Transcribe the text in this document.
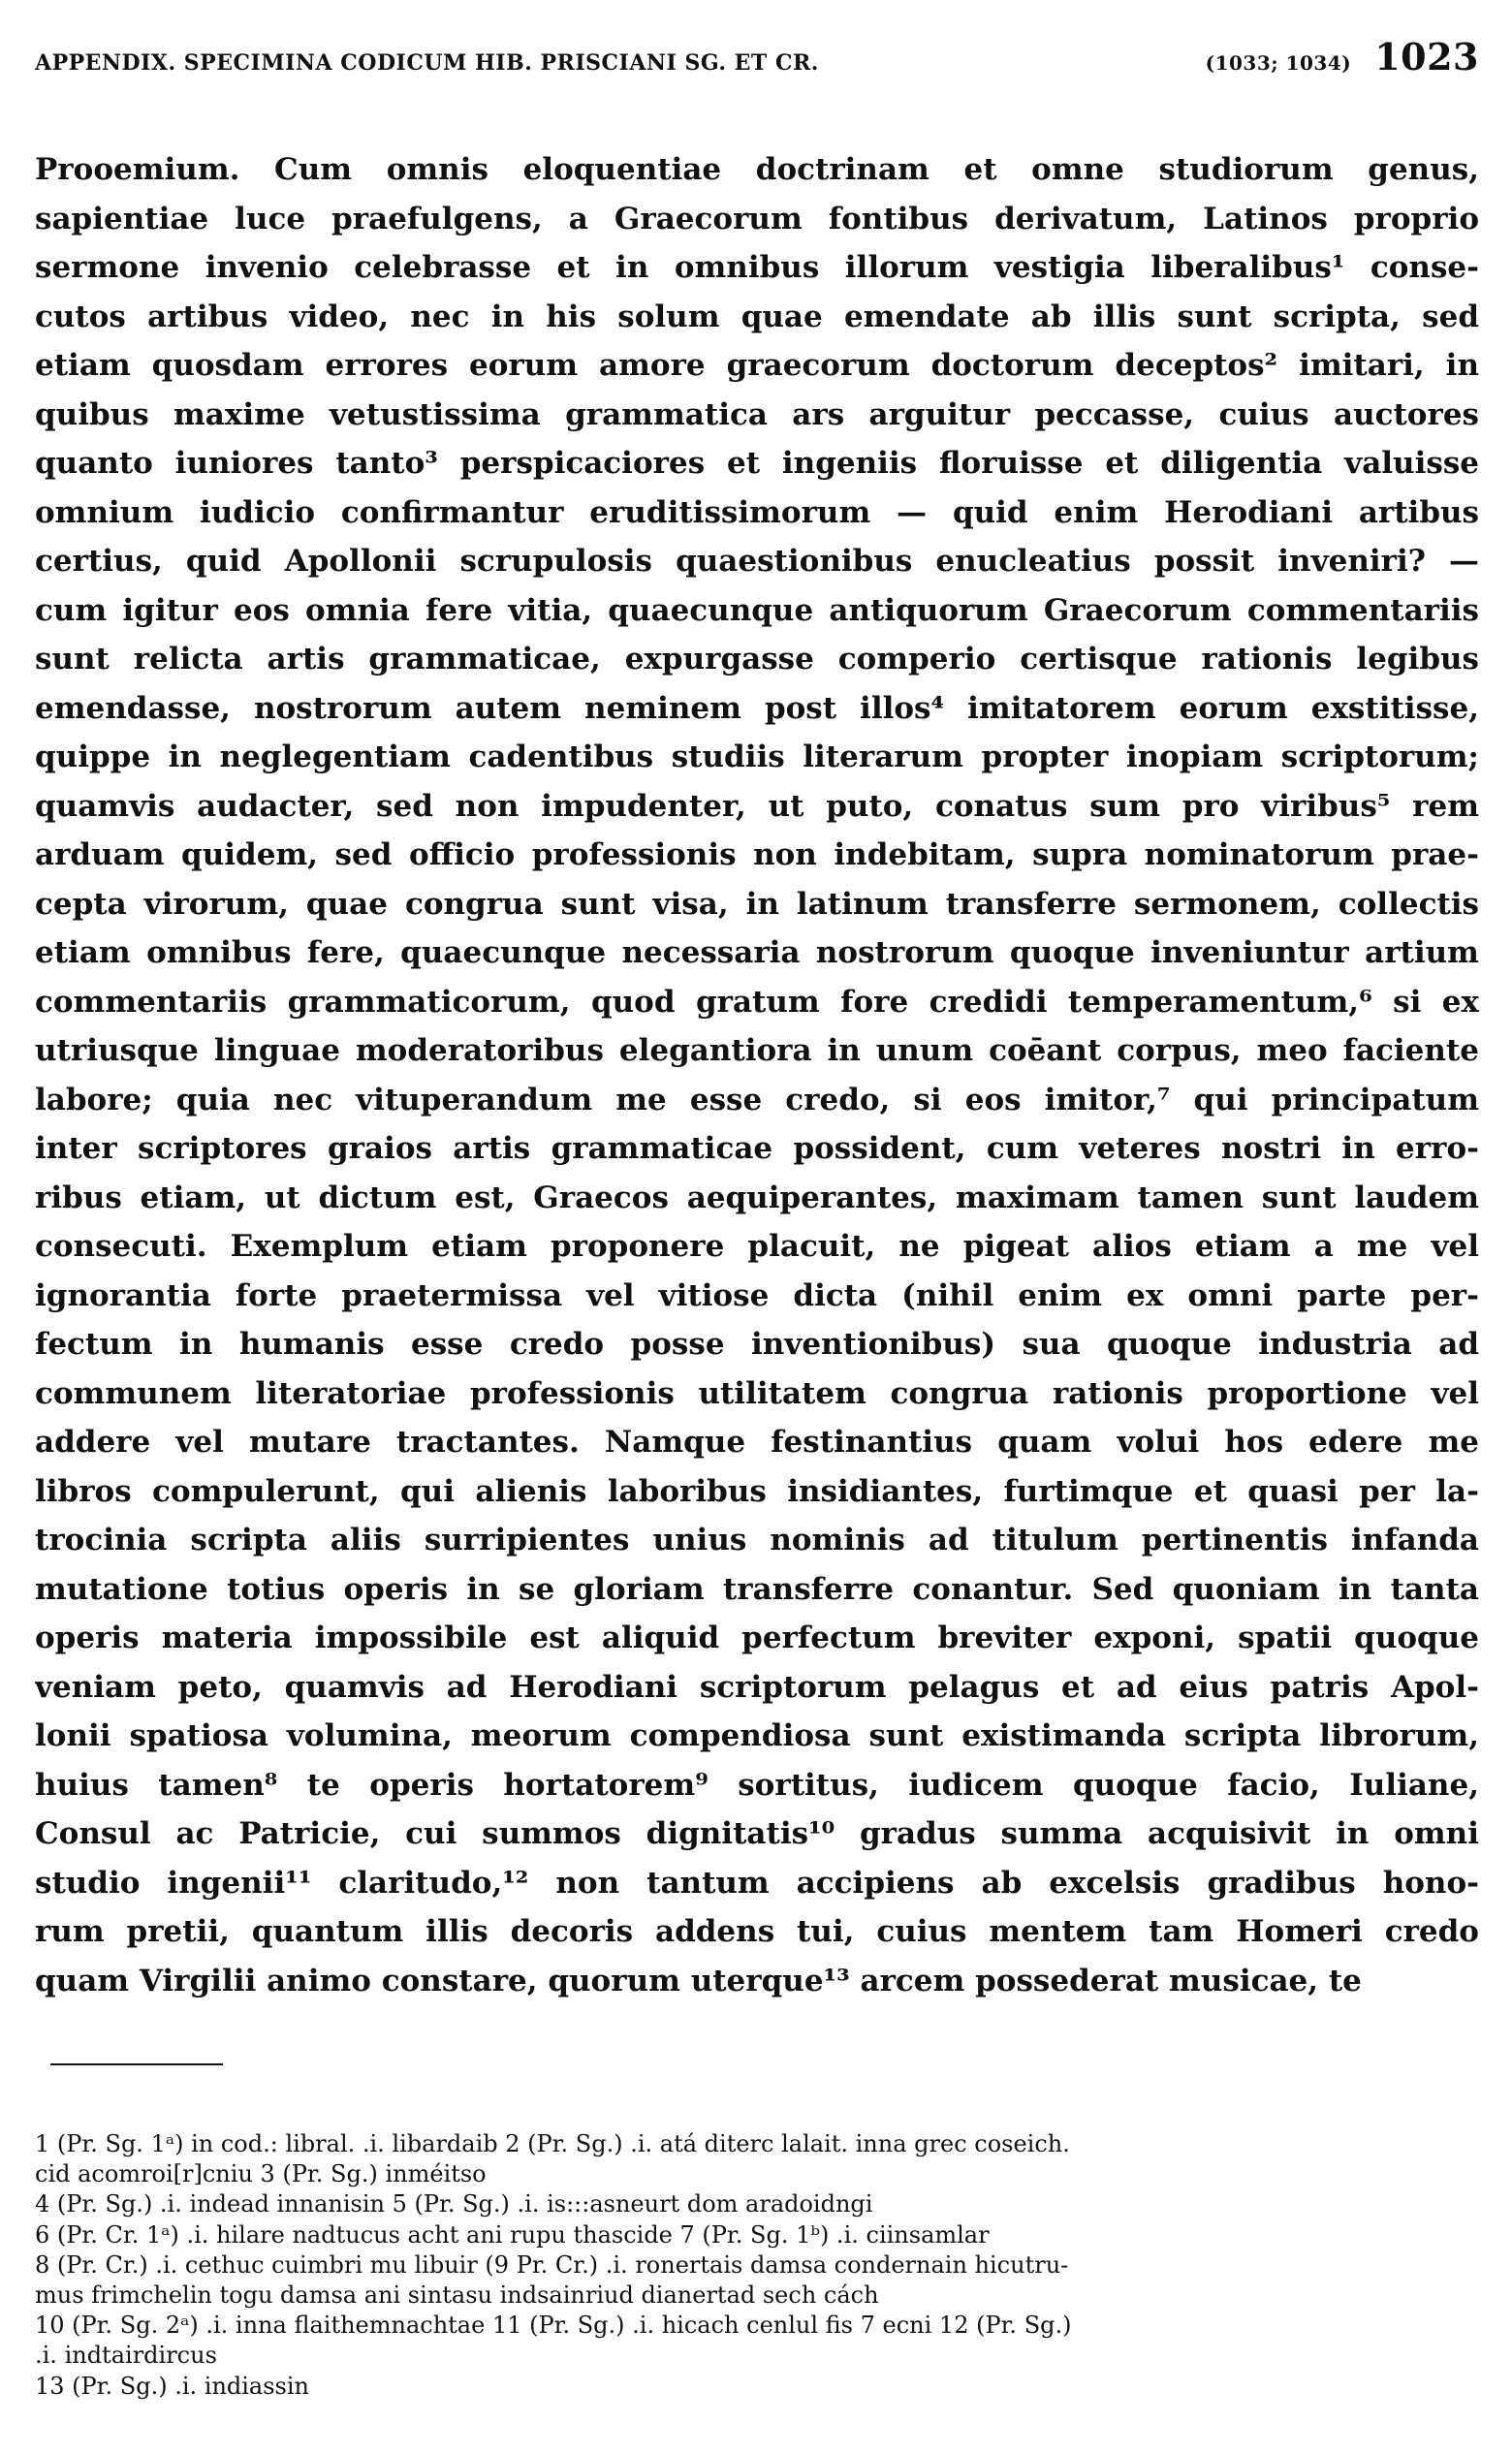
APPENDIX. SPECIMINA CODICUM HIB. PRISCIANI SG. ET CR.	(1033; 1034) 1023
Prooemium. Cum omnis eloquentiae doctrinam et omne studiorum genus,
sapientiae luce praefulgens, a Graecorum fontibus derivatum, Latinos proprio
sermone invenio celebrasse et in omnibus illorum vestigia liberalibus¹ conse-
cutos artibus video, nec in his solum quae emendate ab illis sunt scripta, sed
etiam quosdam errores eorum amore graecorum doctorum deceptos² imitari, in
quibus maxime vetustissima grammatica ars arguitur peccasse, cuius auctores
quanto iuniores tanto³ perspicaciores et ingeniis floruisse et diligentia valuisse
omnium iudicio confirmantur eruditissimorum — quid enim Herodiani artibus
certius, quid Apollonii scrupulosis quaestionibus enucleatius possit inveniri? —
cum igitur eos omnia fere vitia, quaecunque antiquorum Graecorum commentariis
sunt relicta artis grammaticae, expurgasse comperio certisque rationis legibus
emendasse, nostrorum autem neminem post illos⁴ imitatorem eorum exstitisse,
quippe in neglegentiam cadentibus studiis literarum propter inopiam scriptorum;
quamvis audacter, sed non impudenter, ut puto, conatus sum pro viribus⁵ rem
arduam quidem, sed officio professionis non indebitam, supra nominatorum prae-
cepta virorum, quae congrua sunt visa, in latinum transferre sermonem, collectis
etiam omnibus fere, quaecunque necessaria nostrorum quoque inveniuntur artium
commentariis grammaticorum, quod gratum fore credidi temperamentum,⁶ si ex
utriusque linguae moderatoribus elegantiora in unum coēant corpus, meo faciente
labore; quia nec vituperandum me esse credo, si eos imitor,⁷ qui principatum
inter scriptores graios artis grammaticae possident, cum veteres nostri in erro-
ribus etiam, ut dictum est, Graecos aequiperantes, maximam tamen sunt laudem
consecuti. Exemplum etiam proponere placuit, ne pigeat alios etiam a me vel
ignorantia forte praetermissa vel vitiose dicta (nihil enim ex omni parte per-
fectum in humanis esse credo posse inventionibus) sua quoque industria ad
communem literatoriae professionis utilitatem congrua rationis proportione vel
addere vel mutare tractantes. Namque festinantius quam volui hos edere me
libros compulerunt, qui alienis laboribus insidiantes, furtimque et quasi per la-
trocinia scripta aliis surripientes unius nominis ad titulum pertinentis infanda
mutatione totius operis in se gloriam transferre conantur. Sed quoniam in tanta
operis materia impossibile est aliquid perfectum breviter exponi, spatii quoque
veniam peto, quamvis ad Herodiani scriptorum pelagus et ad eius patris Apol-
lonii spatiosa volumina, meorum compendiosa sunt existimanda scripta librorum,
huius tamen⁸ te operis hortatorem⁹ sortitus, iudicem quoque facio, Iuliane,
Consul ac Patricie, cui summos dignitatis¹⁰ gradus summa acquisivit in omni
studio ingenii¹¹ claritudo,¹² non tantum accipiens ab excelsis gradibus hono-
rum pretii, quantum illis decoris addens tui, cuius mentem tam Homeri credo
quam Virgilii animo constare, quorum uterque¹³ arcem possederat musicae, te
1 (Pr. Sg. 1ᵃ) in cod.: libral. .i. libardaib 2 (Pr. Sg.) .i. atá diterc lalait. inna grec coseich.
cid acomroi[r]cniu 3 (Pr. Sg.) inméitso
4 (Pr. Sg.) .i. indead innanisin 5 (Pr. Sg.) .i. is:::asneurt dom aradoidngi
6 (Pr. Cr. 1ᵃ) .i. hilare nadtucus acht ani rupu thascide 7 (Pr. Sg. 1ᵇ) .i. ciinsamlar
8 (Pr. Cr.) .i. cethuc cuimbri mu libuir (9 Pr. Cr.) .i. ronertais damsa condernain hicutru-
mus frimchelin togu damsa ani sintasu indsainriud dianertad sech cách
10 (Pr. Sg. 2ᵃ) .i. inna flaithemnachtae 11 (Pr. Sg.) .i. hicach cenlul fis 7 ecni 12 (Pr. Sg.)
.i. indtairdircus
13 (Pr. Sg.) .i. indiassin
